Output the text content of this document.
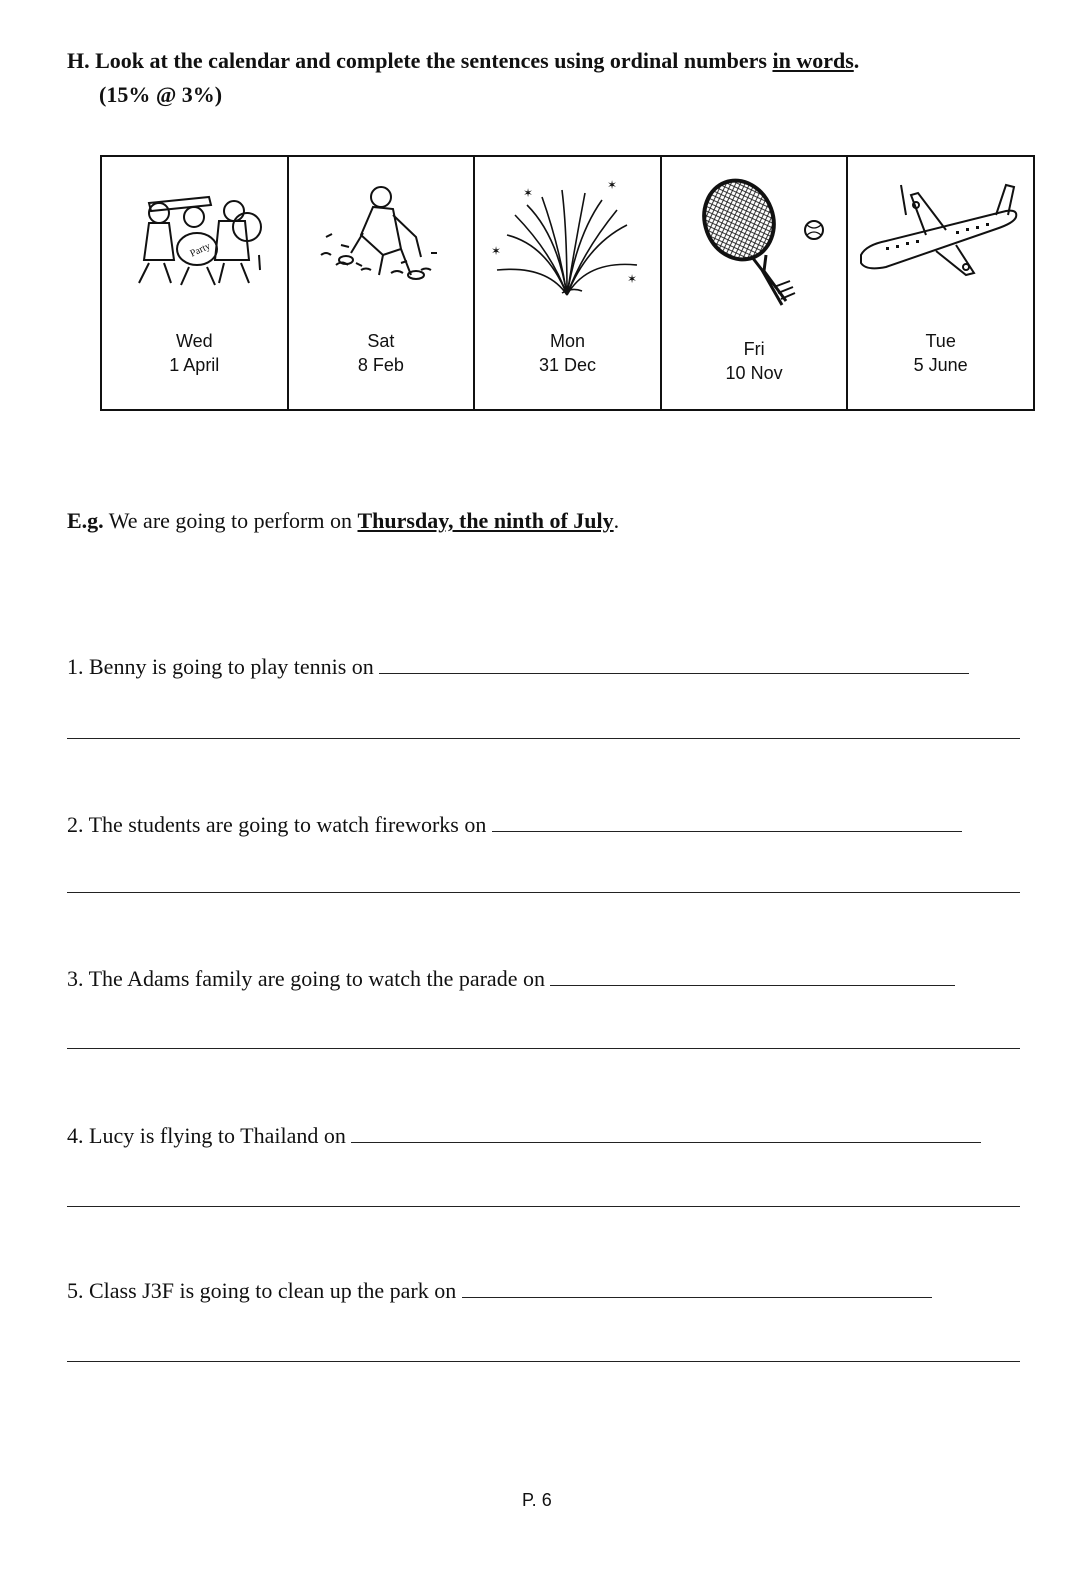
H. Look at the calendar and complete the sentences using ordinal numbers in words.
(15% @ 3%)
Party
Wed
1 April
Sat
8 Feb
✶
✶
✶
✶
Mon
31 Dec
Fri
10 Nov
Tue
5 June
E.g. We are going to perform on Thursday, the ninth of July.
1. Benny is going to play tennis on
2. The students are going to watch fireworks on
3. The Adams family are going to watch the parade on
4. Lucy is flying to Thailand on
5. Class J3F is going to clean up the park on
P. 6
